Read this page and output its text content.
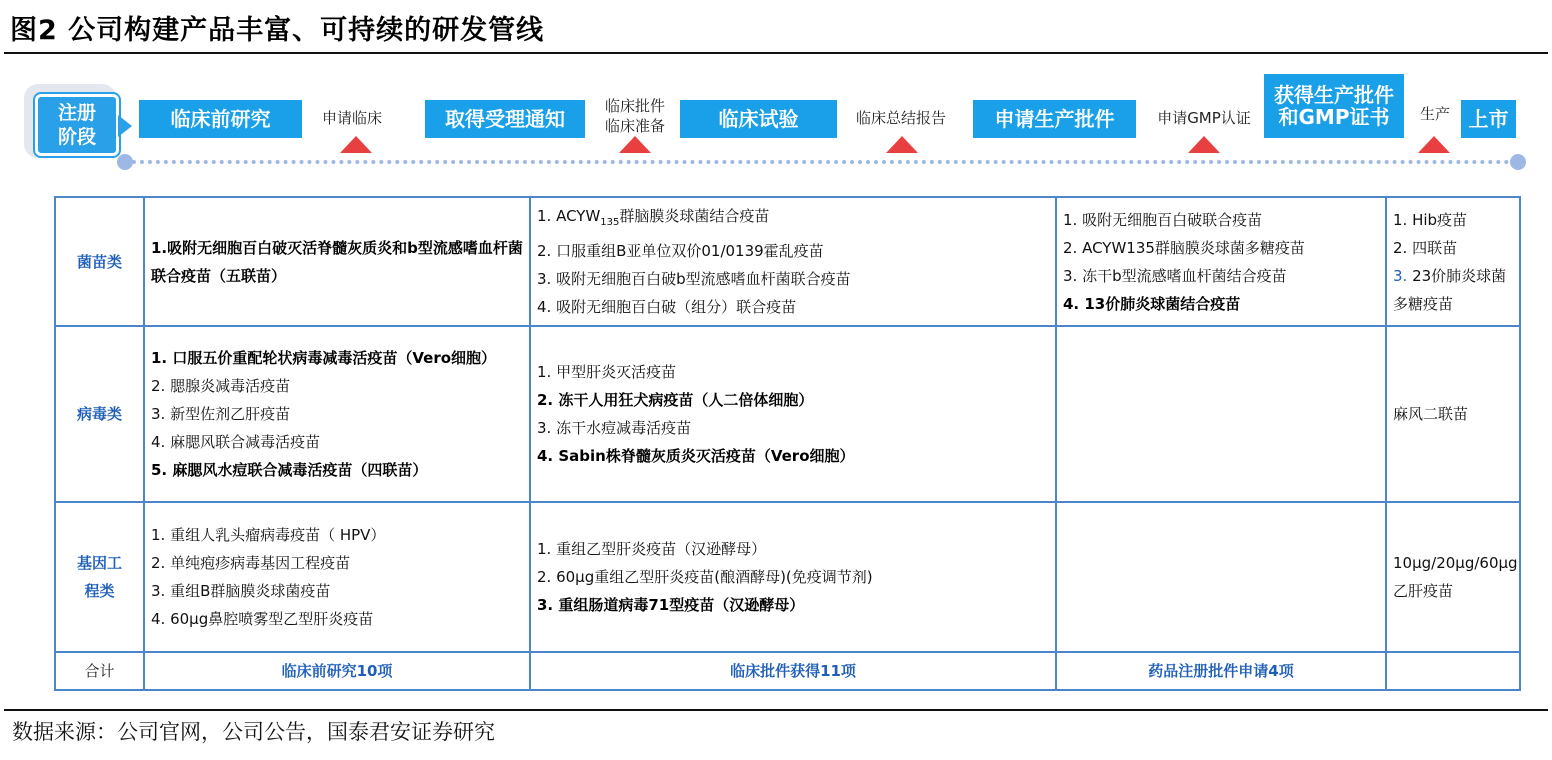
图2 公司构建产品丰富、可持续的研发管线
注册
阶段
临床前研究	申请临床	取得受理通知
临床批件
临床准备	临床试验	临床总结报告	申请生产批件	申请GMP认证
获得生产批件
和GMP证书	生产 上市
菌苗类	1.吸附无细胞百白破灭活脊髓灰质炎和b型流感嗜血杆菌联合疫苗（五联苗）	1. $ACYW_{135}$群脑膜炎球菌结合疫苗
2. 口服重组B亚单位双价01/0139霍乱疫苗
3. 吸附无细胞百白破b型流感嗜血杆菌联合疫苗
4. 吸附无细胞百白破（组分）联合疫苗	1. 吸附无细胞百白破联合疫苗
2. ACYW135群脑膜炎球菌多糖疫苗
3. 冻干b型流感嗜血杆菌结合疫苗
4. 13价肺炎球菌结合疫苗	1. Hib疫苗
2. 四联苗
3. 23价肺炎球菌多糖疫苗

病毒类	1. 口服五价重配轮状病毒减毒活疫苗（Vero细胞）
2. 腮腺炎减毒活疫苗
3. 新型佐剂乙肝疫苗
4. 麻腮风联合减毒活疫苗
5. 麻腮风水痘联合减毒活疫苗（四联苗）	1. 甲型肝炎灭活疫苗
2. 冻干人用狂犬病疫苗（人二倍体细胞）
3. 冻干水痘减毒活疫苗
4. Sabin株脊髓灰质炎灭活疫苗（Vero细胞）		麻风二联苗

基因工程类	1. 重组人乳头瘤病毒疫苗（ HPV）
2. 单纯疱疹病毒基因工程疫苗
3. 重组B群脑膜炎球菌疫苗
4. 60μg鼻腔喷雾型乙型肝炎疫苗	1. 重组乙型肝炎疫苗（汉逊酵母）
2. 60μg重组乙型肝炎疫苗(酿酒酵母)(免疫调节剂)
3. 重组肠道病毒71型疫苗（汉逊酵母）		10μg/20μg/60μg乙肝疫苗

合计	临床前研究10项	临床批件获得11项	药品注册批件申请4项	
数据来源：公司官网，公司公告，国泰君安证券研究
